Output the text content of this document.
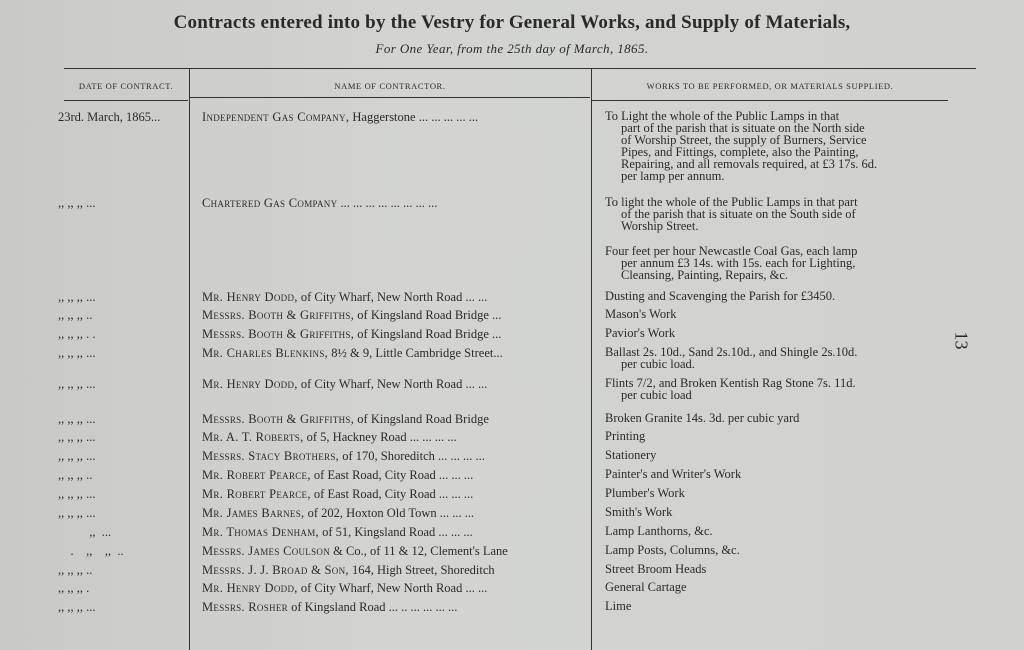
Contracts entered into by the Vestry for General Works, and Supply of Materials,
For One Year, from the 25th day of March, 1865.
DATE OF CONTRACT.	NAME OF CONTRACTOR.	WORKS TO BE PERFORMED, OR MATERIALS SUPPLIED.
13
23rd. March, 1865...	Independent Gas Company, Haggerstone ... ... ... ... ...	To Light the whole of the Public Lamps in that
part of the parish that is situate on the North side
of Worship Street, the supply of Burners, Service
Pipes, and Fittings, complete, also the Painting,
Repairing, and all removals required, at £3 17s. 6d.
per lamp per annum.
,, ,, ,, ...	Chartered Gas Company ... ... ... ... ... ... ... ...	To light the whole of the Public Lamps in that part
of the parish that is situate on the South side of
Worship Street.
Four feet per hour Newcastle Coal Gas, each lamp
per annum £3 14s. with 15s. each for Lighting,
Cleansing, Painting, Repairs, &c.
,, ,, ,, ...	Mr. Henry Dodd, of City Wharf, New North Road ... ...	Dusting and Scavenging the Parish for £3450.
,, ,, ,, ..	Messrs. Booth & Griffiths, of Kingsland Road Bridge ...	Mason's Work
,, ,, ,, . .	Messrs. Booth & Griffiths, of Kingsland Road Bridge ...	Pavior's Work
,, ,, ,, ...	Mr. Charles Blenkins, 8½ & 9, Little Cambridge Street...	Ballast 2s. 10d., Sand 2s.10d., and Shingle 2s.10d.
per cubic load.
,, ,, ,, ...	Mr. Henry Dodd, of City Wharf, New North Road ... ...	Flints 7/2, and Broken Kentish Rag Stone 7s. 11d.
per cubic load
,, ,, ,, ...	Messrs. Booth & Griffiths, of Kingsland Road Bridge	Broken Granite 14s. 3d. per cubic yard
,, ,, ,, ...	Mr. A. T. Roberts, of 5, Hackney Road ... ... ... ...	Printing
,, ,, ,, ...	Messrs. Stacy Brothers, of 170, Shoreditch ... ... ... ...	Stationery
,, ,, ,, ..	Mr. Robert Pearce, of East Road, City Road ... ... ...	Painter's and Writer's Work
,, ,, ,, ...	Mr. Robert Pearce, of East Road, City Road ... ... ...	Plumber's Work
,, ,, ,, ...	Mr. James Barnes, of 202, Hoxton Old Town ... ... ...	Smith's Work
,,  ...	Mr. Thomas Denham, of 51, Kingsland Road ... ... ...	Lamp Lanthorns, &c.
.    ,,    ,,  ..	Messrs. James Coulson & Co., of 11 & 12, Clement's Lane	Lamp Posts, Columns, &c.
,, ,, ,, ..	Messrs. J. J. Broad & Son, 164, High Street, Shoreditch	Street Broom Heads
,, ,, ,, .	Mr. Henry Dodd, of City Wharf, New North Road ... ...	General Cartage
,, ,, ,, ...	Messrs. Rosher of Kingsland Road ... .. ... ... ... ...	Lime
